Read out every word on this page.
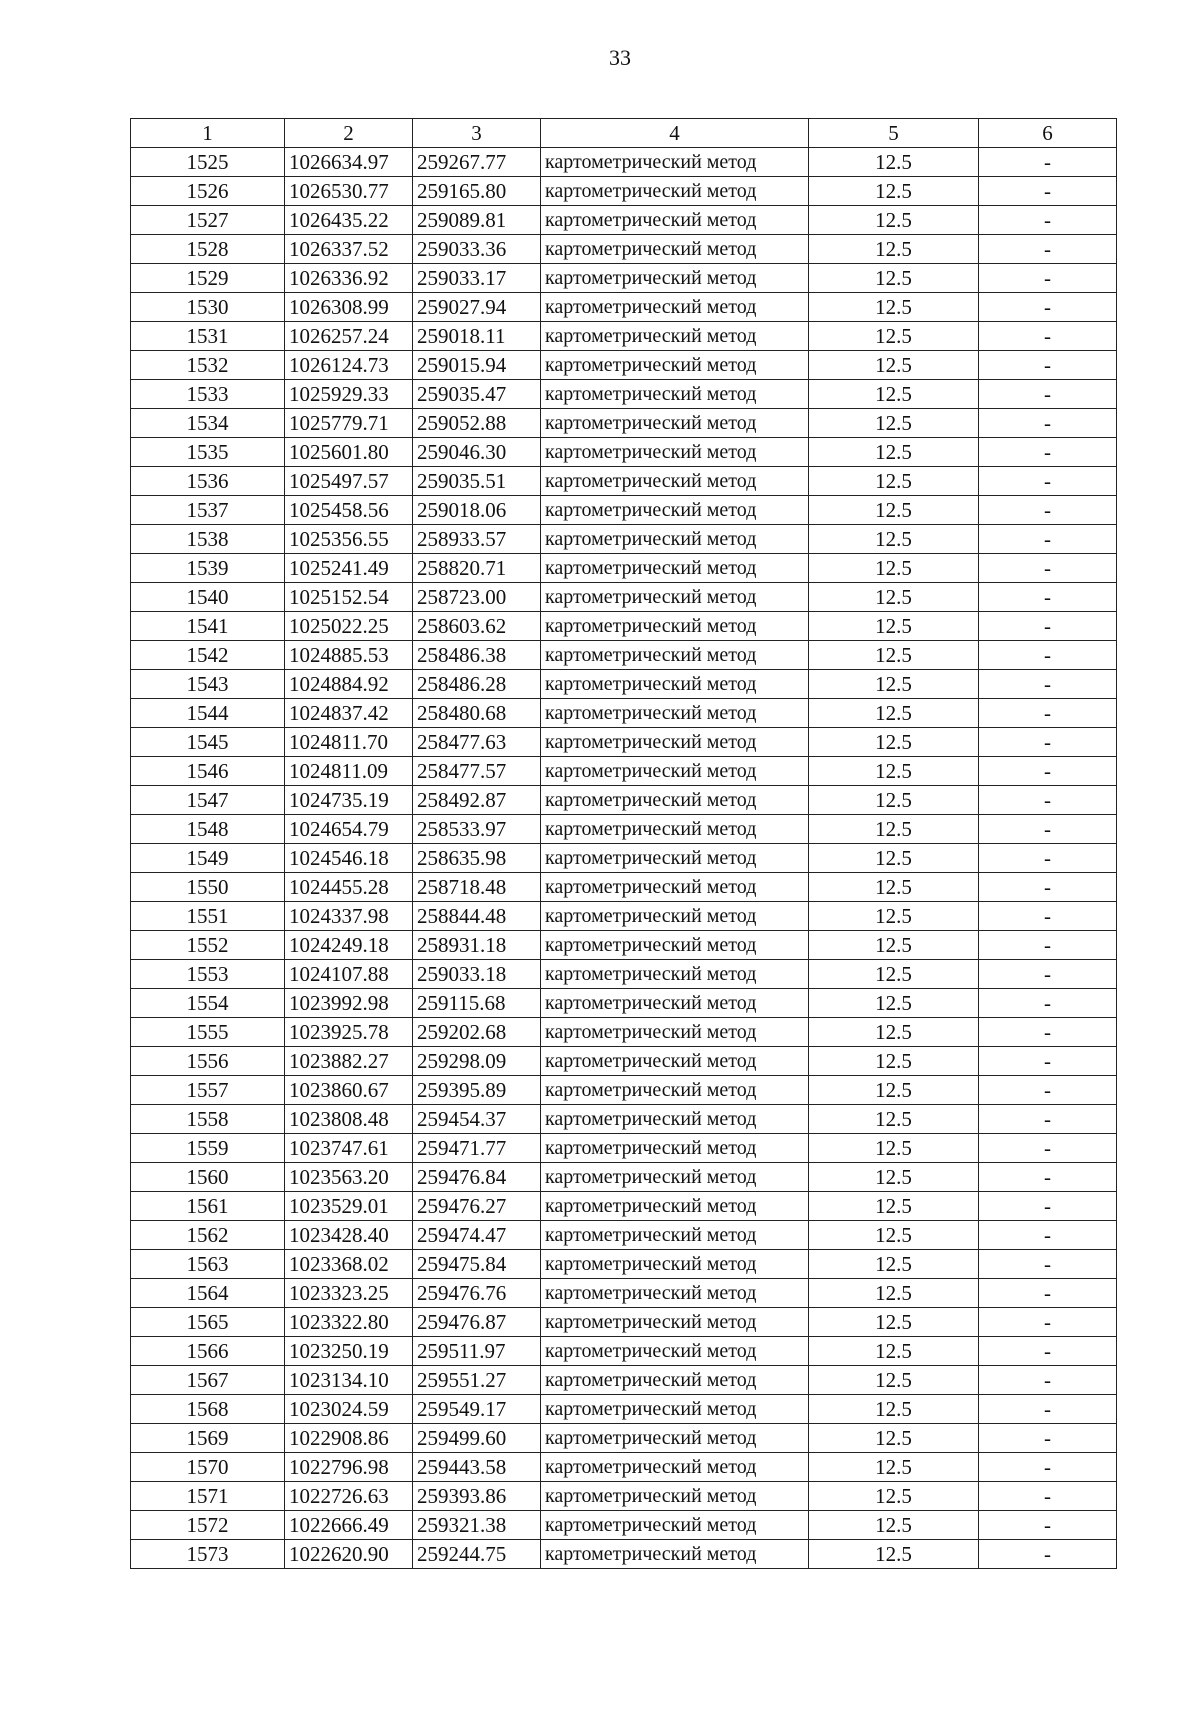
33
1	2	3	4	5	6
1525	1026634.97	259267.77	картометрический метод	12.5	-
1526	1026530.77	259165.80	картометрический метод	12.5	-
1527	1026435.22	259089.81	картометрический метод	12.5	-
1528	1026337.52	259033.36	картометрический метод	12.5	-
1529	1026336.92	259033.17	картометрический метод	12.5	-
1530	1026308.99	259027.94	картометрический метод	12.5	-
1531	1026257.24	259018.11	картометрический метод	12.5	-
1532	1026124.73	259015.94	картометрический метод	12.5	-
1533	1025929.33	259035.47	картометрический метод	12.5	-
1534	1025779.71	259052.88	картометрический метод	12.5	-
1535	1025601.80	259046.30	картометрический метод	12.5	-
1536	1025497.57	259035.51	картометрический метод	12.5	-
1537	1025458.56	259018.06	картометрический метод	12.5	-
1538	1025356.55	258933.57	картометрический метод	12.5	-
1539	1025241.49	258820.71	картометрический метод	12.5	-
1540	1025152.54	258723.00	картометрический метод	12.5	-
1541	1025022.25	258603.62	картометрический метод	12.5	-
1542	1024885.53	258486.38	картометрический метод	12.5	-
1543	1024884.92	258486.28	картометрический метод	12.5	-
1544	1024837.42	258480.68	картометрический метод	12.5	-
1545	1024811.70	258477.63	картометрический метод	12.5	-
1546	1024811.09	258477.57	картометрический метод	12.5	-
1547	1024735.19	258492.87	картометрический метод	12.5	-
1548	1024654.79	258533.97	картометрический метод	12.5	-
1549	1024546.18	258635.98	картометрический метод	12.5	-
1550	1024455.28	258718.48	картометрический метод	12.5	-
1551	1024337.98	258844.48	картометрический метод	12.5	-
1552	1024249.18	258931.18	картометрический метод	12.5	-
1553	1024107.88	259033.18	картометрический метод	12.5	-
1554	1023992.98	259115.68	картометрический метод	12.5	-
1555	1023925.78	259202.68	картометрический метод	12.5	-
1556	1023882.27	259298.09	картометрический метод	12.5	-
1557	1023860.67	259395.89	картометрический метод	12.5	-
1558	1023808.48	259454.37	картометрический метод	12.5	-
1559	1023747.61	259471.77	картометрический метод	12.5	-
1560	1023563.20	259476.84	картометрический метод	12.5	-
1561	1023529.01	259476.27	картометрический метод	12.5	-
1562	1023428.40	259474.47	картометрический метод	12.5	-
1563	1023368.02	259475.84	картометрический метод	12.5	-
1564	1023323.25	259476.76	картометрический метод	12.5	-
1565	1023322.80	259476.87	картометрический метод	12.5	-
1566	1023250.19	259511.97	картометрический метод	12.5	-
1567	1023134.10	259551.27	картометрический метод	12.5	-
1568	1023024.59	259549.17	картометрический метод	12.5	-
1569	1022908.86	259499.60	картометрический метод	12.5	-
1570	1022796.98	259443.58	картометрический метод	12.5	-
1571	1022726.63	259393.86	картометрический метод	12.5	-
1572	1022666.49	259321.38	картометрический метод	12.5	-
1573	1022620.90	259244.75	картометрический метод	12.5	-
